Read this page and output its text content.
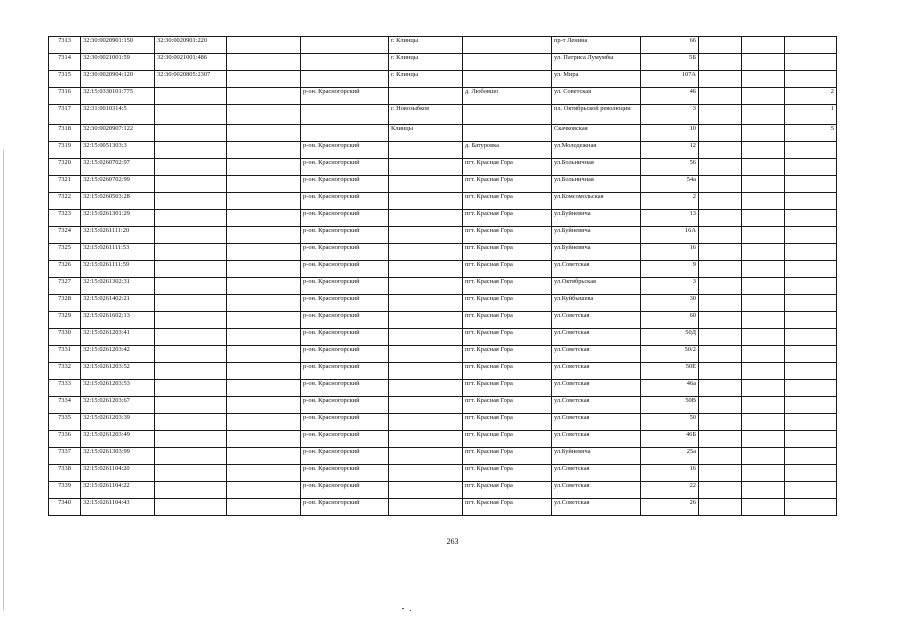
7313	32:30:0020901:150	32:30:0020901:220			г. Клинцы		пр-т Ленина	66			
7314	32:30:0021001:59	32:30:0021001:486			г. Клинцы		ул. Патриса Лумумбы	5Б			
7315	32:30:0020904:120	32:30:0020805:2307			г. Клинцы		ул. Мира	107А			
7316	32:15:0330101:775			р-он. Красногорский		д. Любовшо	ул. Советская	46			2
7317	32:31:0010314:5				г. Новозыбков		пл. Октябрьской революции	3			1
7318	32:30:0020907:122				Клинцы		Скачковская	10			5
7319	32:15:0051303:3			р-он. Красногорский		д. Батуровка	ул.Молодежная	12			
7320	32:15:0260702:97			р-он. Красногорский		пгт. Красная Гора	ул.Больничная	56			
7321	32:15:0260702:99			р-он. Красногорский		пгт. Красная Гора	ул.Больничная	54а			
7322	32:15:0260503:28			р-он. Красногорский		пгт. Красная Гора	ул.Комсомольская	2			
7323	32:15:0261301:29			р-он. Красногорский		пгт. Красная Гора	ул.Буйневича	13			
7324	32:15:0261111:20			р-он. Красногорский		пгт. Красная Гора	ул.Буйневича	16А			
7325	32:15:0261111:53			р-он. Красногорский		пгт. Красная Гора	ул.Буйневича	16			
7326	32:15:0261111:59			р-он. Красногорский		пгт. Красная Гора	ул.Советская	9			
7327	32:15:0261302:31			р-он. Красногорский		пгт. Красная Гора	ул.Октябрьская	3			
7328	32:15:0261402:21			р-он. Красногорский		пгт. Красная Гора	ул.Куйбышева	30			
7329	32:15:0261602:13			р-он. Красногорский		пгт. Красная Гора	ул.Советская	60			
7330	32:15:0261203:41			р-он. Красногорский		пгт. Красная Гора	ул.Советская	50Д			
7331	32:15:0261203:42			р-он. Красногорский		пгт. Красная Гора	ул.Советская	50/2			
7332	32:15:0261203:52			р-он. Красногорский		пгт. Красная Гора	ул.Советская	50Е			
7333	32:15:0261203:53			р-он. Красногорский		пгт. Красная Гора	ул.Советская	46а			
7334	32:15:0261203:67			р-он. Красногорский		пгт. Красная Гора	ул.Советская	50В			
7335	32:15:0261203:39			р-он. Красногорский		пгт. Красная Гора	ул.Советская	50			
7336	32:15:0261203:49			р-он. Красногорский		пгт. Красная Гора	ул.Советская	46Б			
7337	32:15:0261303:99			р-он. Красногорский		пгт. Красная Гора	ул.Буйневича	25а			
7338	32:15:0261104:20			р-он. Красногорский		пгт. Красная Гора	ул.Советская	16			
7339	32:15:0261104:22			р-он. Красногорский		пгт. Красная Гора	ул.Советская	22			
7340	32:15:0261104:43			р-он. Красногорский		пгт. Красная Гора	ул.Советская	26			
263
